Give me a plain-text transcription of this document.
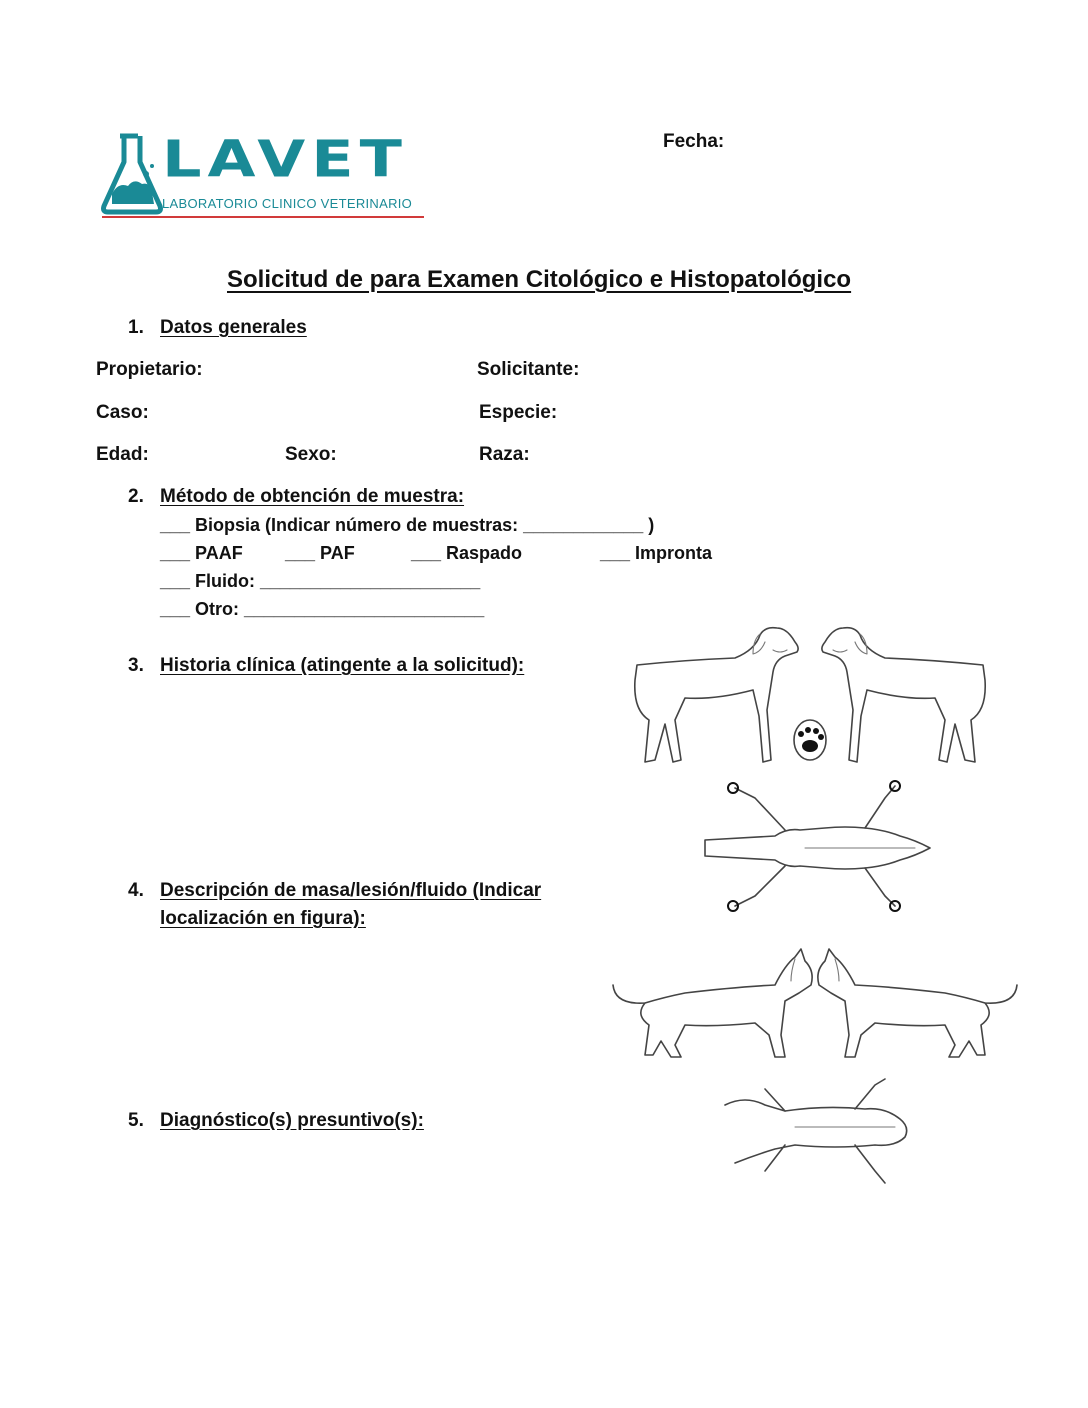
LAVET
LABORATORIO CLINICO VETERINARIO
Fecha:
Solicitud de para Examen Citológico e Histopatológico
1. Datos generales
Propietario:	Solicitante:
Caso:	Especie:
Edad:	Sexo:	Raza:
2. Método de obtención de muestra:
___ Biopsia (Indicar número de muestras: ____________ )
___ PAAF ___ PAF	___ Raspado	___ Impronta
___ Fluido: ______________________
___ Otro: ________________________
3. Historia clínica (atingente a la solicitud):
4. Descripción de masa/lesión/fluido (Indicar
localización en figura):
5. Diagnóstico(s) presuntivo(s):
